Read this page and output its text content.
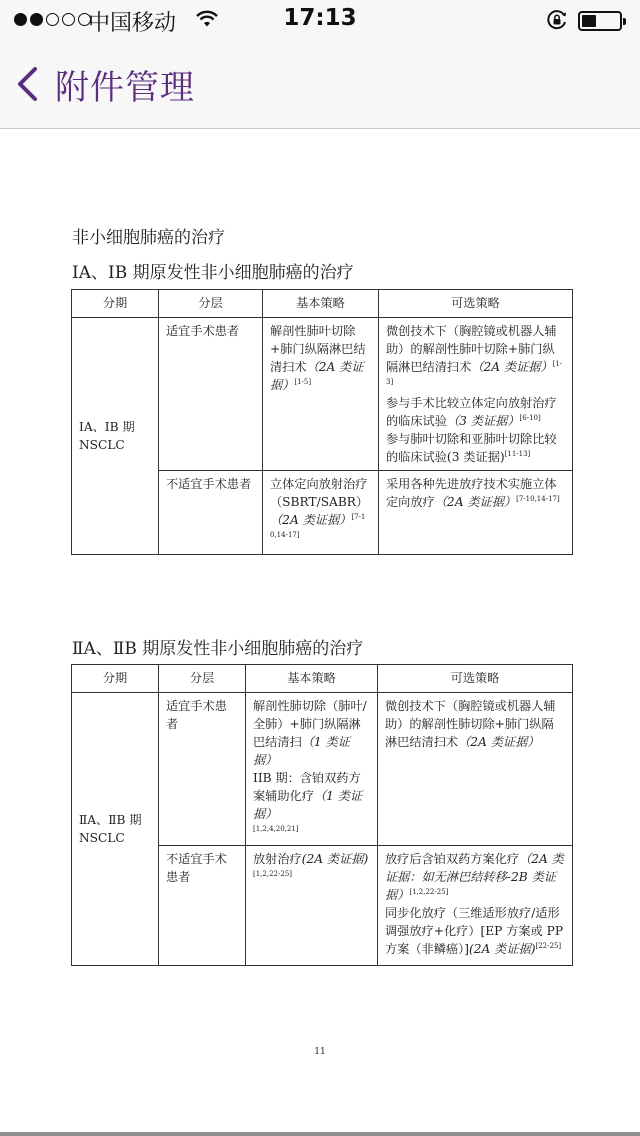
中国移动	17:13
附件管理
非小细胞肺癌的治疗
ⅠA、ⅠB 期原发性非小细胞肺癌的治疗
分期	分层	基本策略	可选策略
ⅠA、ⅠB 期
NSCLC	适宜手术患者	解剖性肺叶切除+肺门纵隔淋巴结清扫术（2A 类证据）[1-5]	微创技术下（胸腔镜或机器人辅助）的解剖性肺叶切除+肺门纵隔淋巴结清扫术（2A 类证据）[1-3]
参与手术比较立体定向放射治疗的临床试验（3 类证据）[6-10]
参与肺叶切除和亚肺叶切除比较的临床试验(3 类证据)[11-13]
	不适宜手术患者	立体定向放射治疗（SBRT/SABR）（2A 类证据）[7-10,14-17]	采用各种先进放疗技术实施立体定向放疗（2A 类证据）[7-10,14-17]
ⅡA、ⅡB 期原发性非小细胞肺癌的治疗
分期	分层	基本策略	可选策略
ⅡA、ⅡB 期
NSCLC	适宜手术患者	解剖性肺切除（肺叶/全肺）+肺门纵隔淋巴结清扫（1 类证据）
IIB 期：含铂双药方案辅助化疗（1 类证据）
[1,2,4,20,21]	微创技术下（胸腔镜或机器人辅助）的解剖性肺切除+肺门纵隔淋巴结清扫术（2A 类证据）
	不适宜手术患者	放射治疗(2A 类证据)
[1,2,22-25]	放疗后含铂双药方案化疗（2A 类证据：如无淋巴结转移-2B 类证据）[1,2,22-25]
同步化放疗（三维适形放疗/适形调强放疗+化疗）[EP 方案或 PP 方案（非鳞癌）](2A 类证据)[22-25]
11
